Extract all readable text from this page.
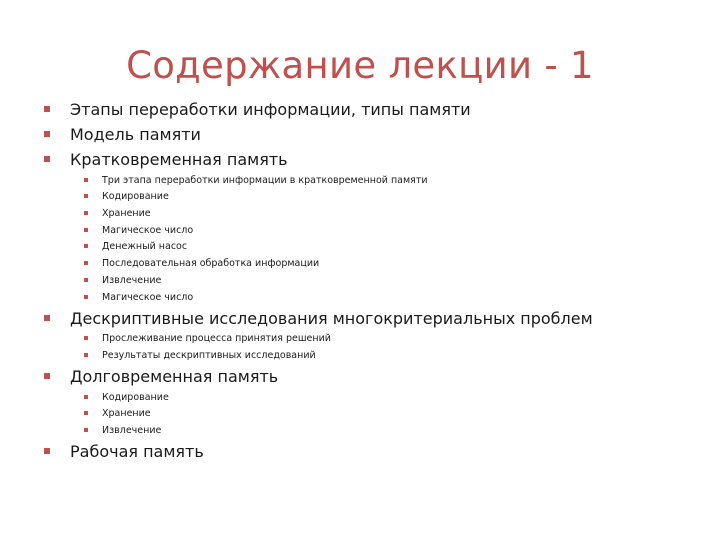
Содержание лекции - 1
Этапы переработки информации, типы памяти
Модель памяти
Кратковременная память
Три этапа переработки информации в кратковременной памяти
Кодирование
Хранение
Магическое число
Денежный насос
Последовательная обработка информации
Извлечение
Магическое число
Дескриптивные исследования многокритериальных проблем
Прослеживание процесса принятия решений
Результаты дескриптивных исследований
Долговременная память
Кодирование
Хранение
Извлечение
Рабочая память
